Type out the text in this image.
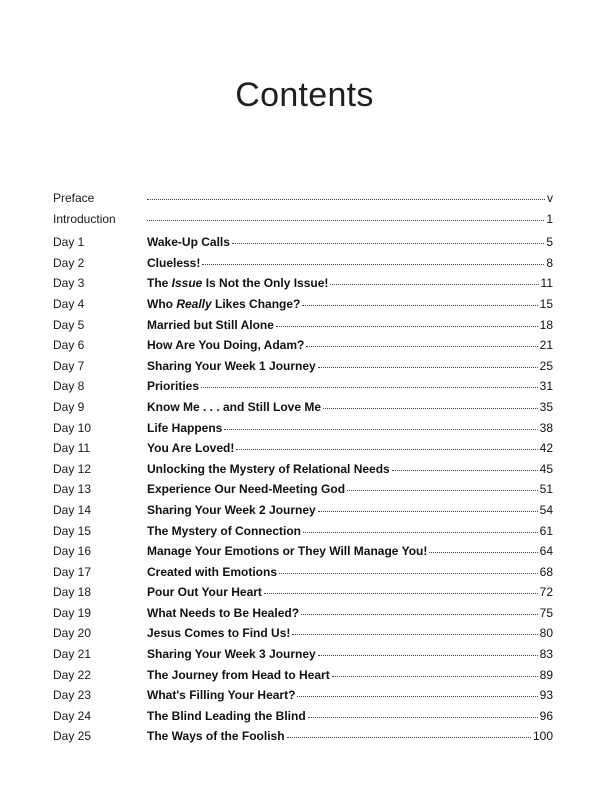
Contents
Preface	v
Introduction	1
Day 1	Wake-Up Calls	5
Day 2	Clueless!	8
Day 3	The Issue Is Not the Only Issue!	11
Day 4	Who Really Likes Change?	15
Day 5	Married but Still Alone	18
Day 6	How Are You Doing, Adam?	21
Day 7	Sharing Your Week 1 Journey	25
Day 8	Priorities	31
Day 9	Know Me . . . and Still Love Me	35
Day 10	Life Happens	38
Day 11	You Are Loved!	42
Day 12	Unlocking the Mystery of Relational Needs	45
Day 13	Experience Our Need-Meeting God	51
Day 14	Sharing Your Week 2 Journey	54
Day 15	The Mystery of Connection	61
Day 16	Manage Your Emotions or They Will Manage You!	64
Day 17	Created with Emotions	68
Day 18	Pour Out Your Heart	72
Day 19	What Needs to Be Healed?	75
Day 20	Jesus Comes to Find Us!	80
Day 21	Sharing Your Week 3 Journey	83
Day 22	The Journey from Head to Heart	89
Day 23	What's Filling Your Heart?	93
Day 24	The Blind Leading the Blind	96
Day 25	The Ways of the Foolish	100
